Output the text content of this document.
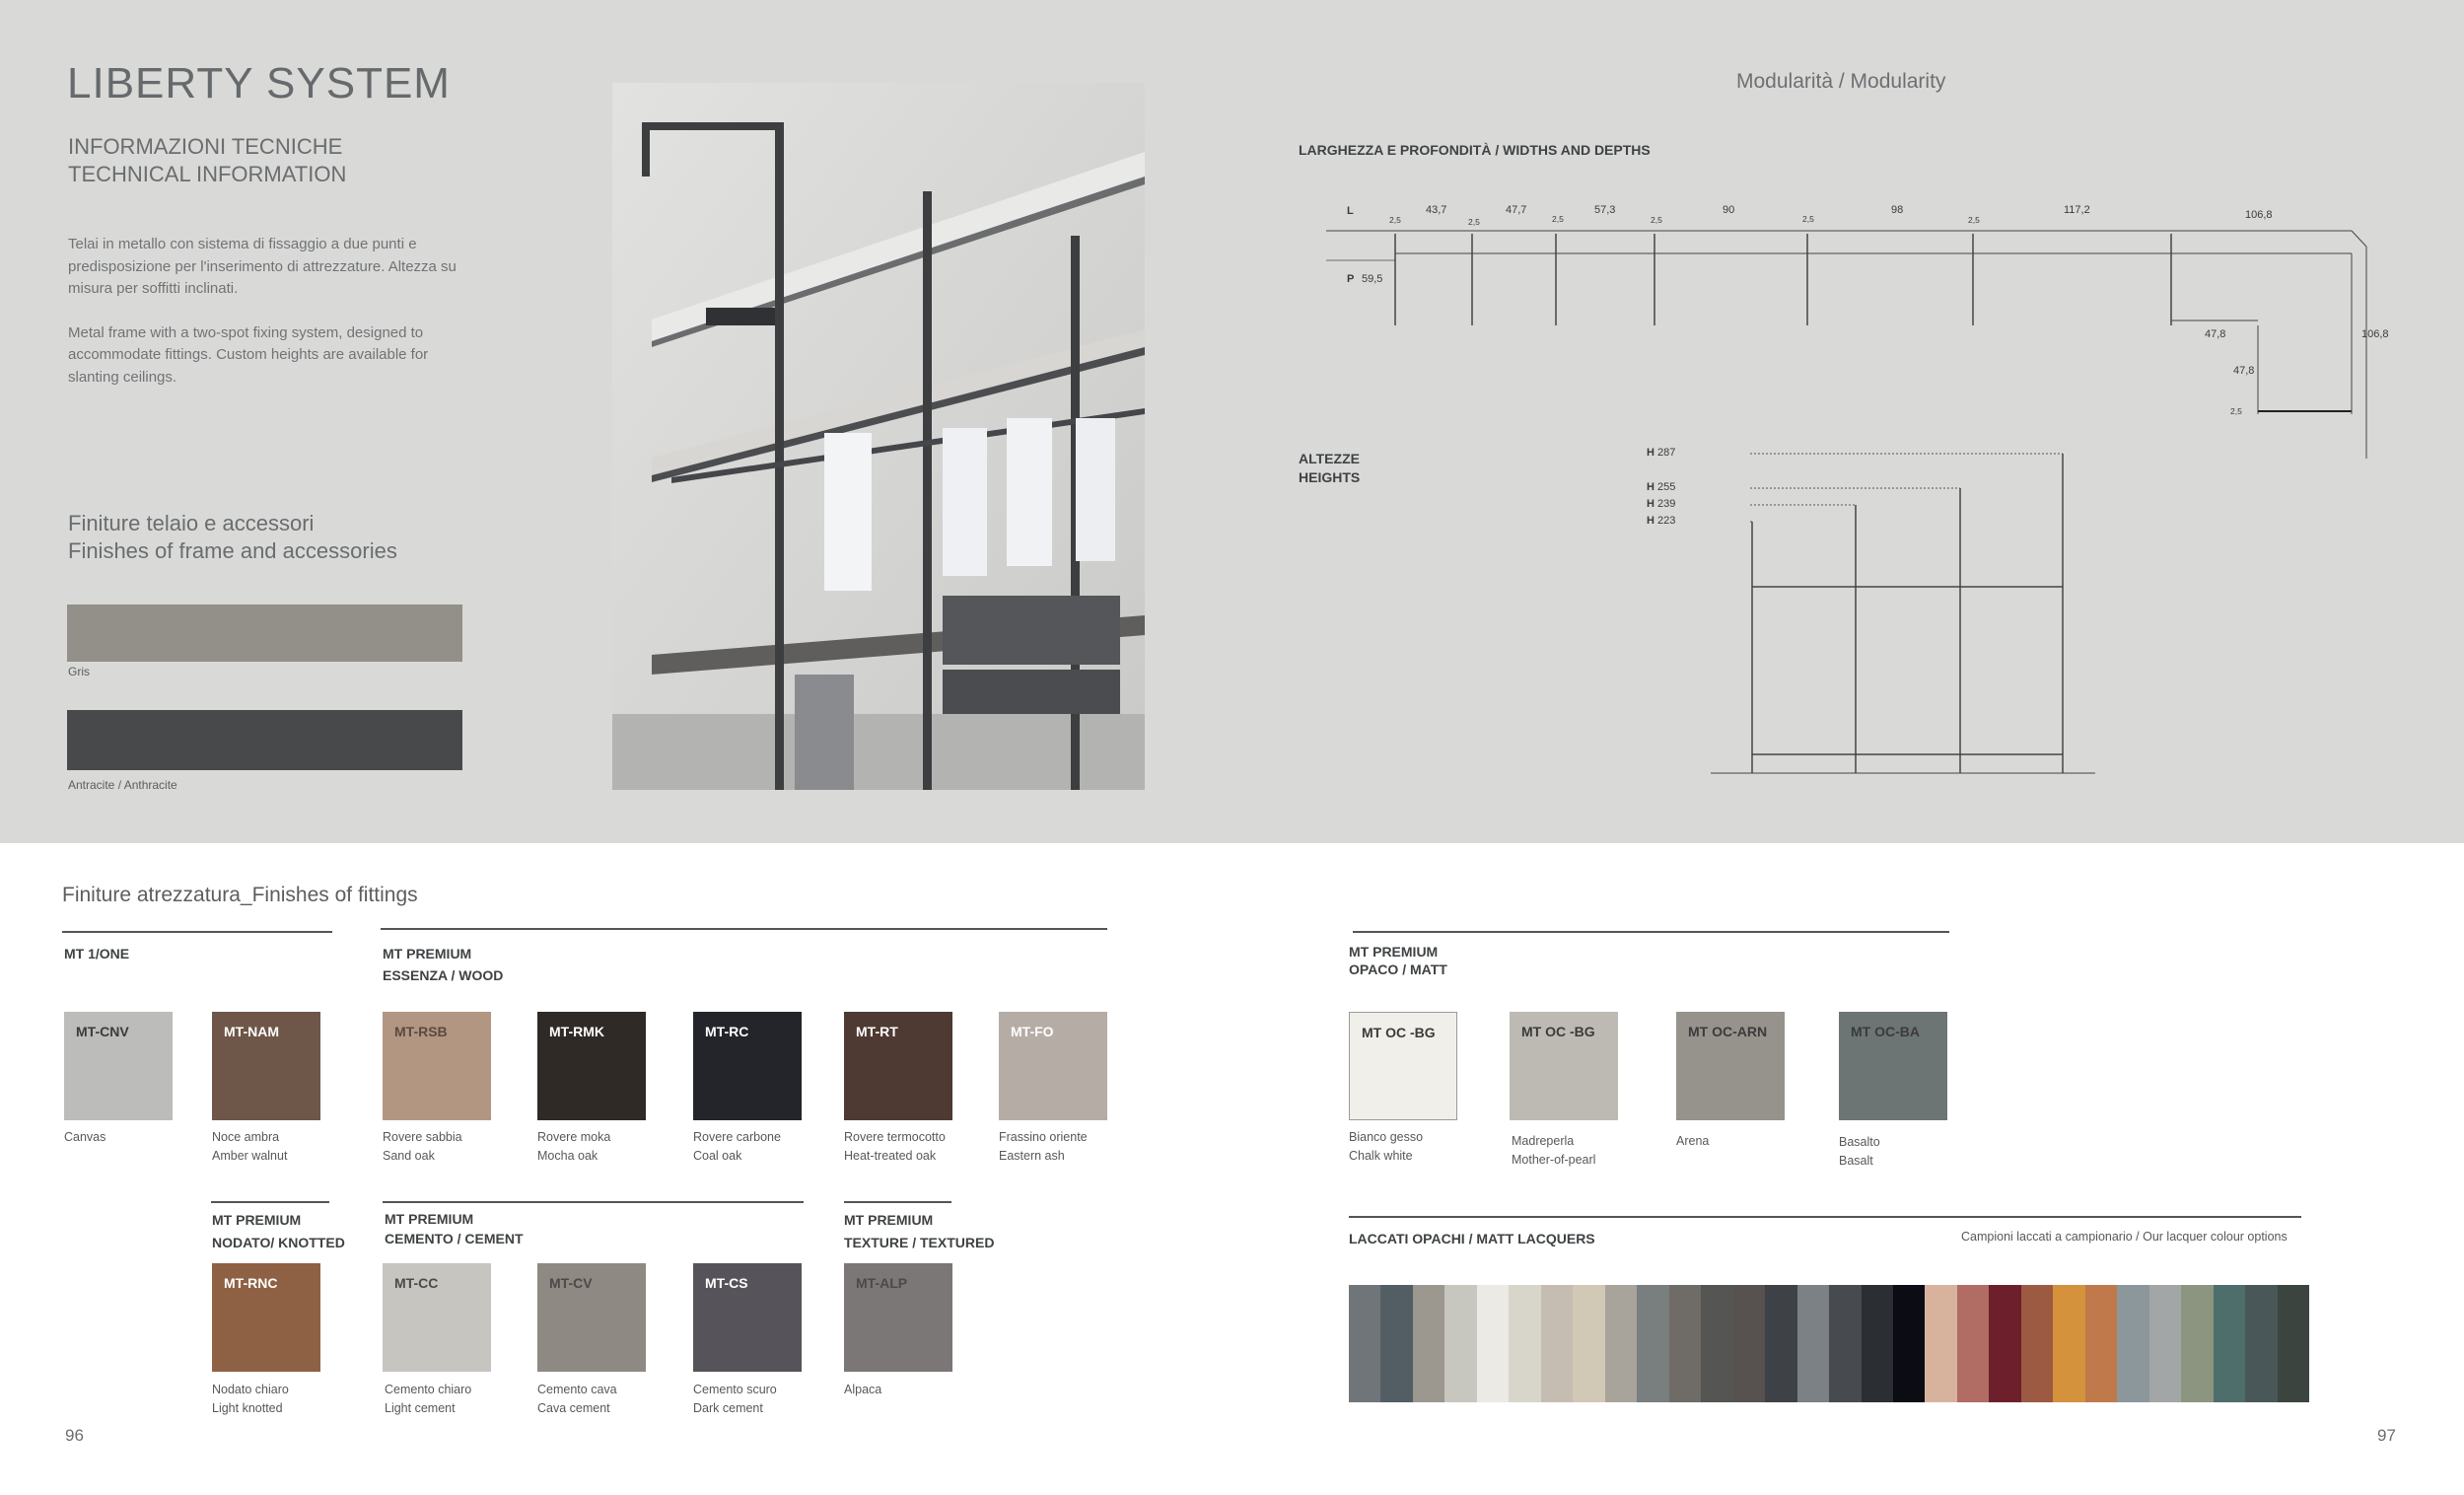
LIBERTY SYSTEM
INFORMAZIONI TECNICHE
TECHNICAL INFORMATION

Telai in metallo con sistema di fissaggio a due punti e predisposizione per l'inserimento di attrezzature. Altezza su misura per soffitti inclinati.

Metal frame with a two-spot fixing system, designed to accommodate fittings. Custom heights are available for slanting ceilings.

Finiture telaio e accessori
Finishes of frame and accessories
Gris
Antracite / Anthracite
Modularità / Modularity
LARGHEZZA E PROFONDITÀ / WIDTHS AND DEPTHS
ALTEZZE
HEIGHTS
L	43,7	47,7	57,3	90	98	117,2	106,8
2,5	2,5	2,5	2,5	2,5	2,5
P 59,5
106,8
47,8
47,8
2,5
H 287
H 255
H 239
H 223
Finiture atrezzatura_Finishes of fittings
MT 1/ONE	MT PREMIUM
ESSENZA / WOOD
MT PREMIUM
OPACO / MATT
MT PREMIUM
NODATO/ KNOTTED
MT PREMIUM
CEMENTO / CEMENT
MT PREMIUM
TEXTURE / TEXTURED
MT-CNV	MT-NAM	MT-RSB	MT-RMK	MT-RC	MT-RT	MT-FO
Canvas	Noce ambra
Amber walnut
Rovere sabbia
Sand oak
Rovere moka
Mocha oak
Rovere carbone
Coal oak
Rovere termocotto
Heat-treated oak
Frassino oriente
Eastern ash
MT OC -BG	MT OC -BG	MT OC-ARN	MT OC-BA
Bianco gesso
Chalk white
Madreperla
Mother-of-pearl
Arena	Basalto
Basalt
MT-RNC	MT-CC	MT-CV	MT-CS	MT-ALP
Nodato chiaro
Light knotted
Cemento chiaro
Light cement
Cemento cava
Cava cement
Cemento scuro
Dark cement
Alpaca
LACCATI OPACHI / MATT LACQUERS	Campioni laccati a campionario / Our lacquer colour options
96	97
